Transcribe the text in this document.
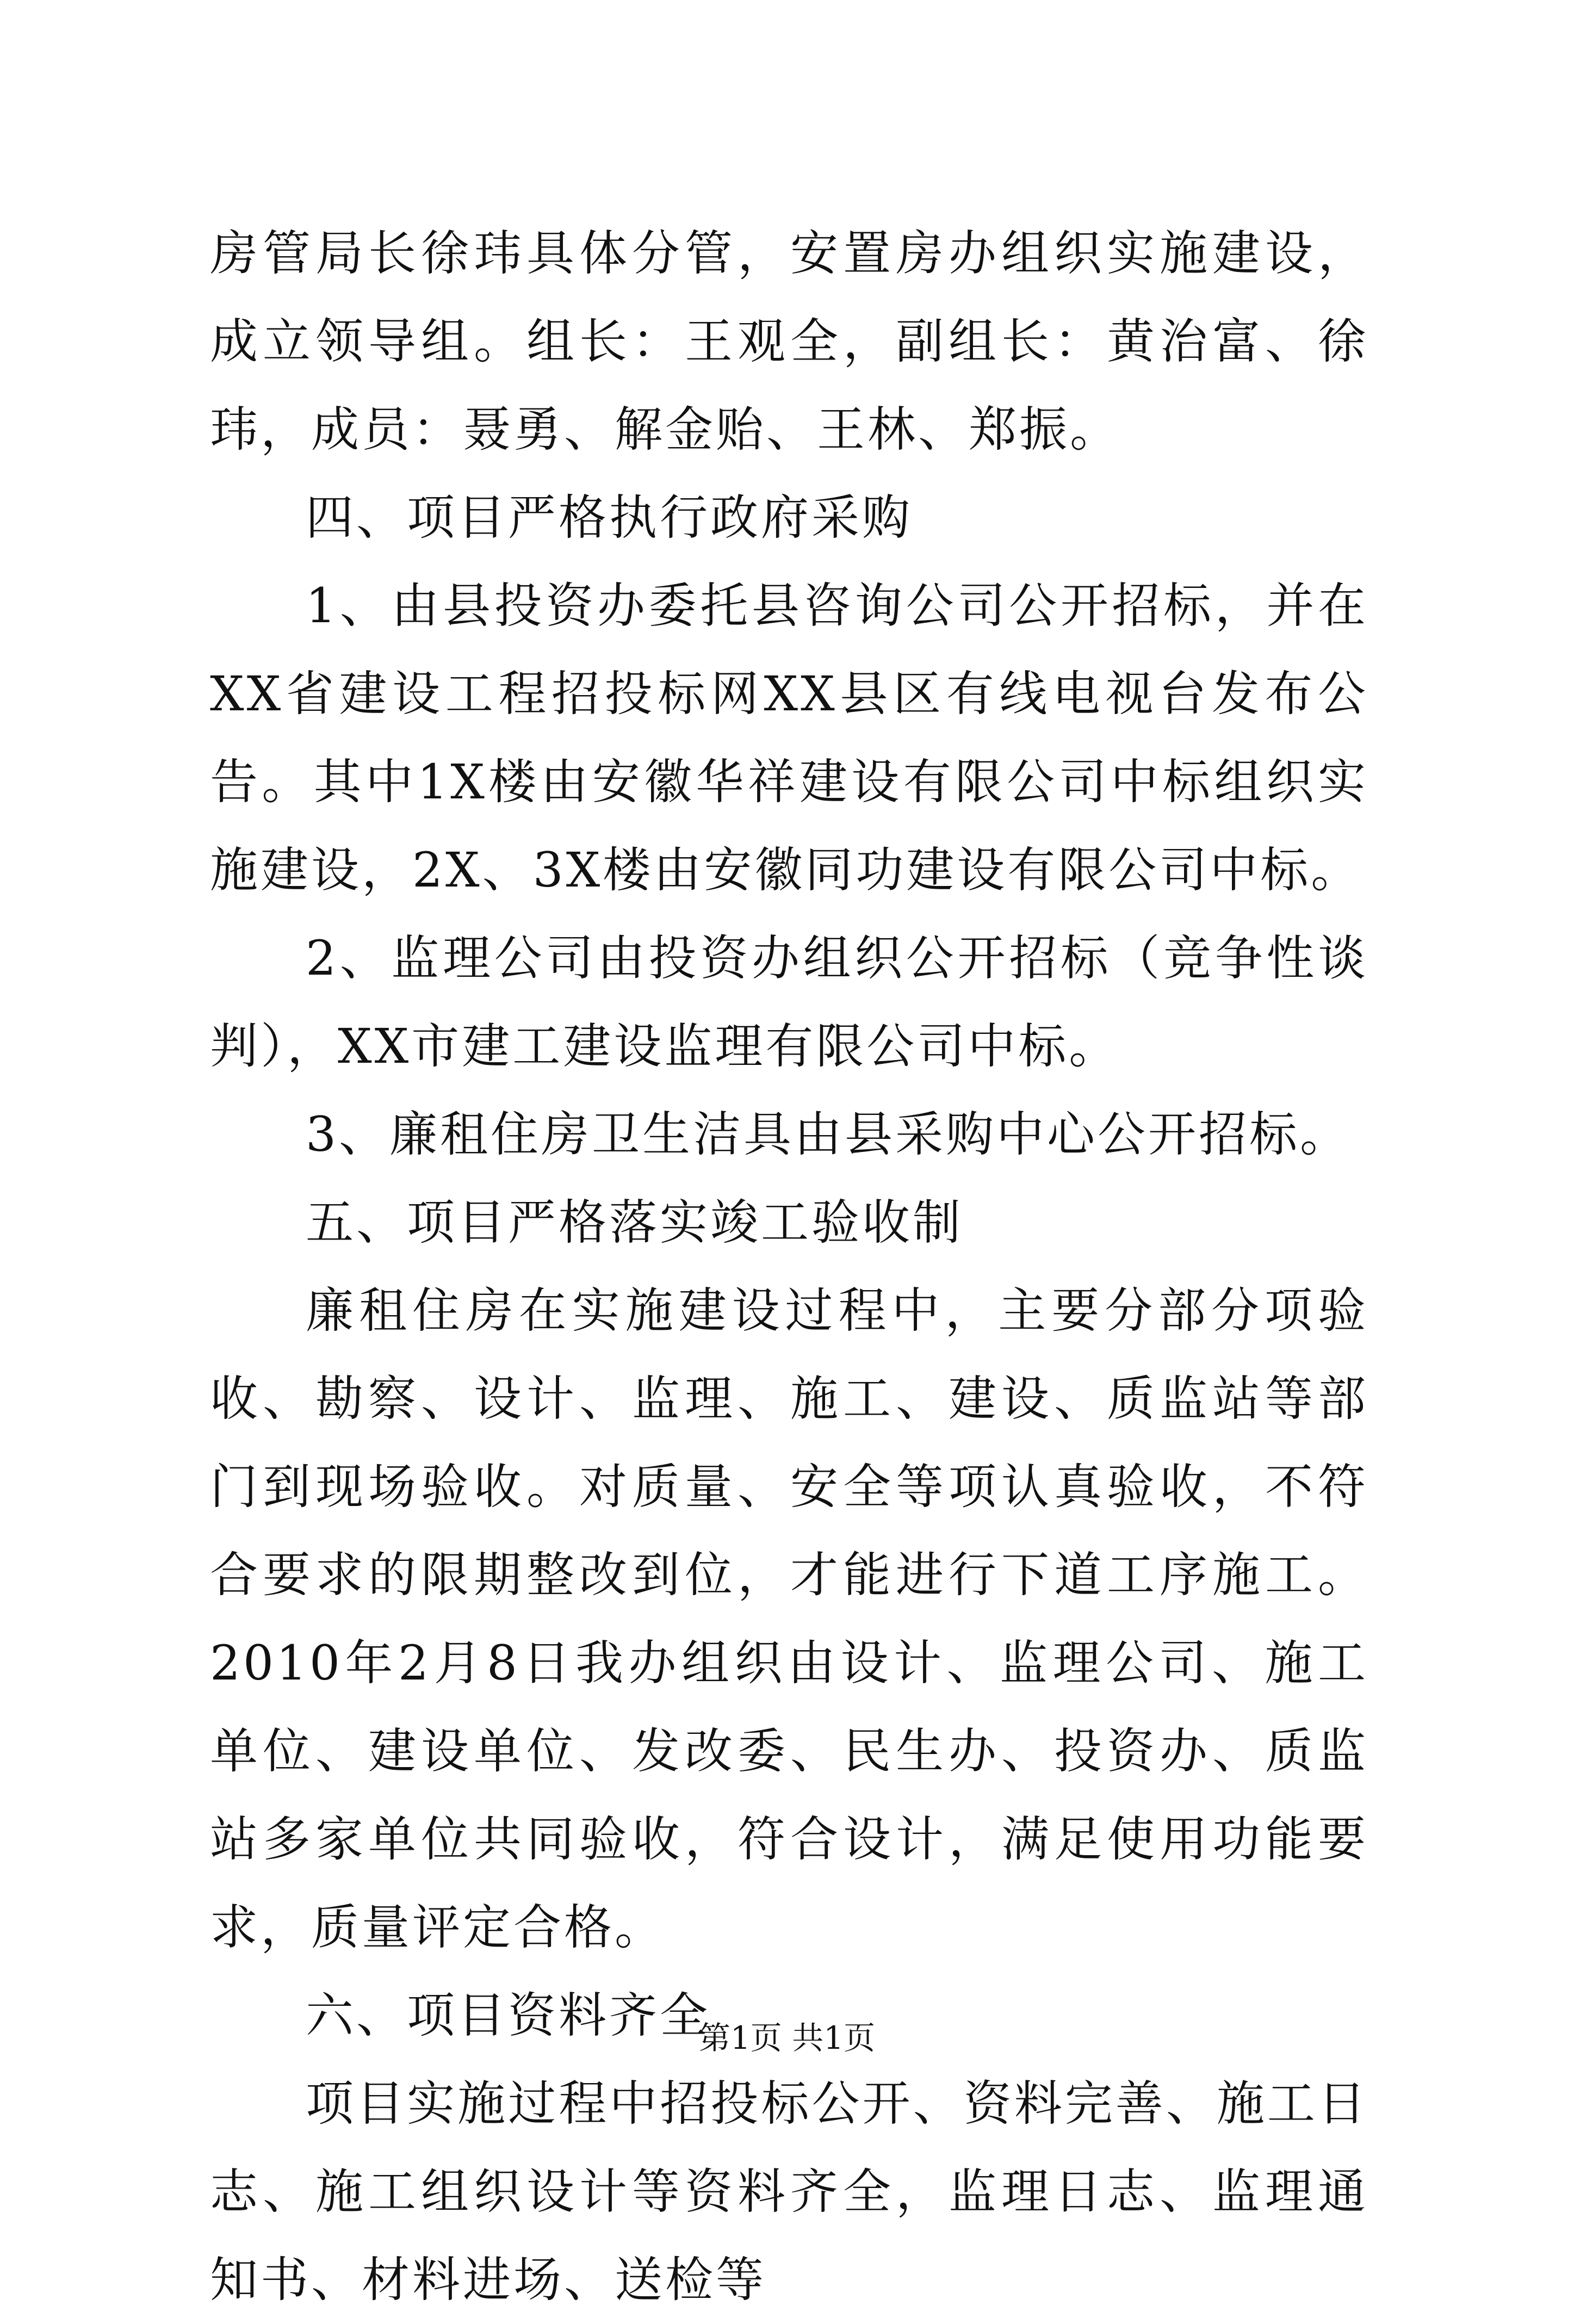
房管局长徐玮具体分管，安置房办组织实施建设，成立领导组。组长：王观全，副组长：黄治富、徐玮，成员：聂勇、解金贻、王林、郑振。

四、项目严格执行政府采购

1、由县投资办委托县咨询公司公开招标，并在XX省建设工程招投标网XX县区有线电视台发布公告。其中1X楼由安徽华祥建设有限公司中标组织实施建设，2X、3X楼由安徽同功建设有限公司中标。

2、监理公司由投资办组织公开招标（竞争性谈判），XX市建工建设监理有限公司中标。

3、廉租住房卫生洁具由县采购中心公开招标。

五、项目严格落实竣工验收制

廉租住房在实施建设过程中，主要分部分项验收、勘察、设计、监理、施工、建设、质监站等部门到现场验收。对质量、安全等项认真验收，不符合要求的限期整改到位，才能进行下道工序施工。2010年2月8日我办组织由设计、监理公司、施工单位、建设单位、发改委、民生办、投资办、质监站多家单位共同验收，符合设计，满足使用功能要求，质量评定合格。

六、项目资料齐全

项目实施过程中招投标公开、资料完善、施工日志、施工组织设计等资料齐全，监理日志、监理通知书、材料进场、送检等

第1页 共1页
